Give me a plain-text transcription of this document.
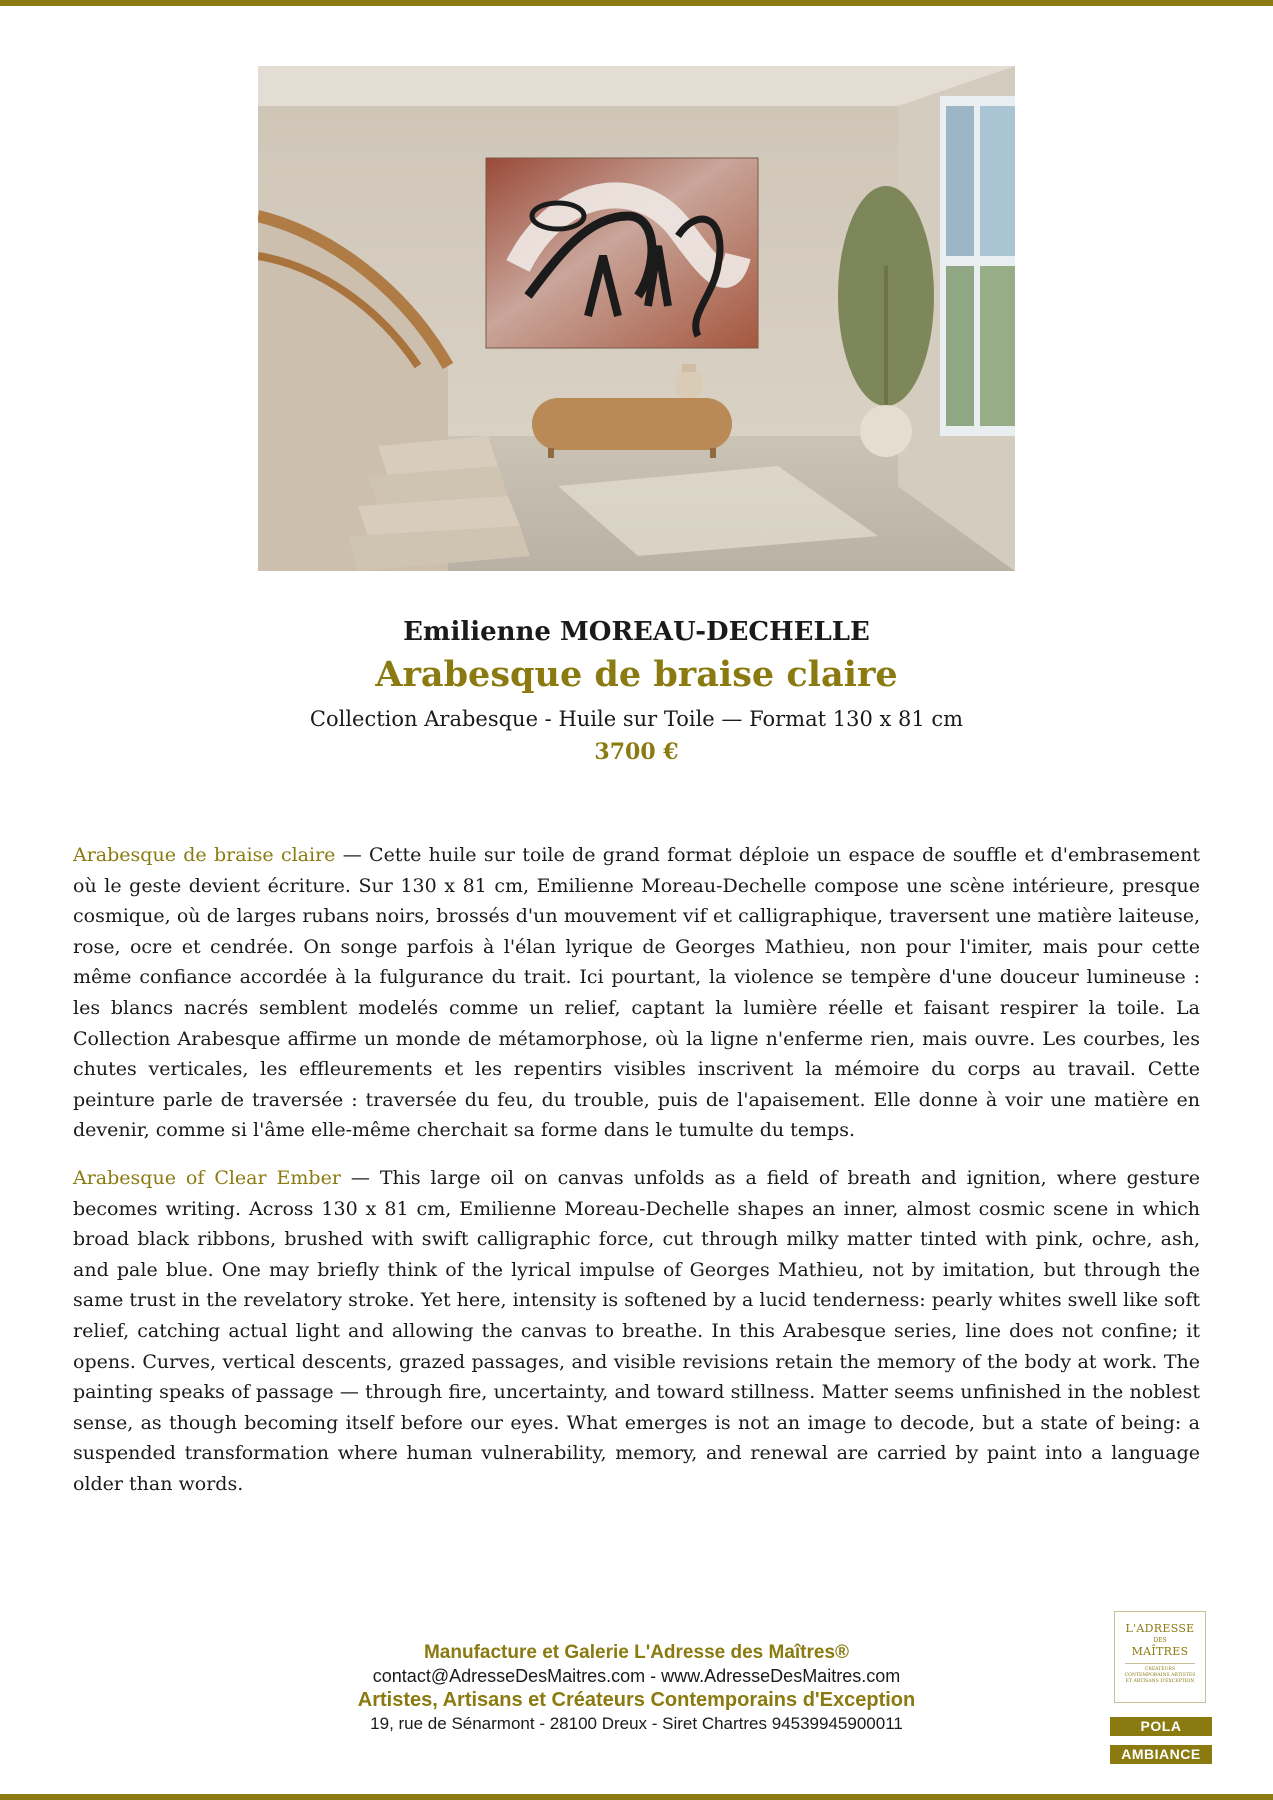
Emilienne MOREAU-DECHELLE
Arabesque de braise claire
Collection Arabesque - Huile sur Toile — Format 130 x 81 cm
3700 €

Arabesque de braise claire — Cette huile sur toile de grand format déploie un espace de souffle et d'embrasement où le geste devient écriture. Sur 130 x 81 cm, Emilienne Moreau-Dechelle compose une scène intérieure, presque cosmique, où de larges rubans noirs, brossés d'un mouvement vif et calligraphique, traversent une matière laiteuse, rose, ocre et cendrée. On songe parfois à l'élan lyrique de Georges Mathieu, non pour l'imiter, mais pour cette même confiance accordée à la fulgurance du trait. Ici pourtant, la violence se tempère d'une douceur lumineuse : les blancs nacrés semblent modelés comme un relief, captant la lumière réelle et faisant respirer la toile. La Collection Arabesque affirme un monde de métamorphose, où la ligne n'enferme rien, mais ouvre. Les courbes, les chutes verticales, les effleurements et les repentirs visibles inscrivent la mémoire du corps au travail. Cette peinture parle de traversée : traversée du feu, du trouble, puis de l'apaisement. Elle donne à voir une matière en devenir, comme si l'âme elle-même cherchait sa forme dans le tumulte du temps.

Arabesque of Clear Ember — This large oil on canvas unfolds as a field of breath and ignition, where gesture becomes writing. Across 130 x 81 cm, Emilienne Moreau-Dechelle shapes an inner, almost cosmic scene in which broad black ribbons, brushed with swift calligraphic force, cut through milky matter tinted with pink, ochre, ash, and pale blue. One may briefly think of the lyrical impulse of Georges Mathieu, not by imitation, but through the same trust in the revelatory stroke. Yet here, intensity is softened by a lucid tenderness: pearly whites swell like soft relief, catching actual light and allowing the canvas to breathe. In this Arabesque series, line does not confine; it opens. Curves, vertical descents, grazed passages, and visible revisions retain the memory of the body at work. The painting speaks of passage — through fire, uncertainty, and toward stillness. Matter seems unfinished in the noblest sense, as though becoming itself before our eyes. What emerges is not an image to decode, but a state of being: a suspended transformation where human vulnerability, memory, and renewal are carried by paint into a language older than words.

Manufacture et Galerie L'Adresse des Maîtres®
contact@AdresseDesMaitres.com - www.AdresseDesMaitres.com
Artistes, Artisans et Créateurs Contemporains d'Exception
19, rue de Sénarmont - 28100 Dreux - Siret Chartres 94539945900011
L'ADRESSE
DES
MAÎTRES
CRÉATEURS CONTEMPORAINS ARTISTES ET ARTISANS D'EXCEPTION
POLA
AMBIANCE
